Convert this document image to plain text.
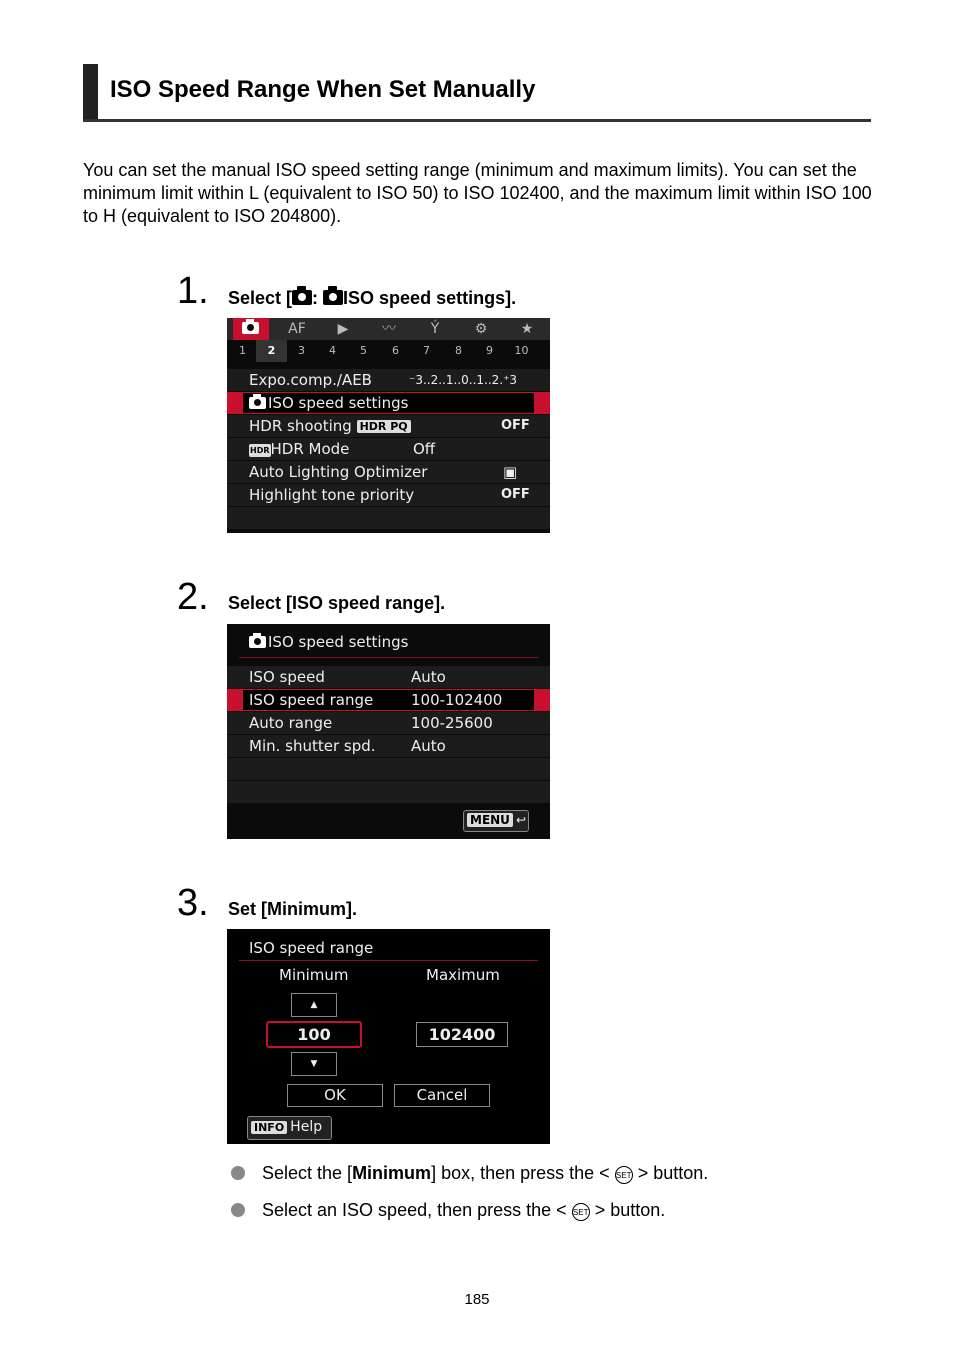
ISO Speed Range When Set Manually
You can set the manual ISO speed setting range (minimum and maximum limits). You can set the minimum limit within L (equivalent to ISO 50) to ISO 102400, and the maximum limit within ISO 100 to H (equivalent to ISO 204800).
1. Select [ : ISO speed settings].
AF	▶	〰	Ý	⚙	★
1	2	3	4	5	6	7	8	9	10
Expo.comp./AEB	⁻3..2..1..0..1..2.⁺3
ISO speed settings
HDR shooting HDR PQ	OFF
HDRHDR Mode	Off
Auto Lighting Optimizer	▣
Highlight tone priority	OFF
2. Select [ISO speed range].
ISO speed settings
ISO speed	Auto
ISO speed range	100-102400
Auto range	100-25600
Min. shutter spd. Auto
MENU ↩
3. Set [Minimum].
ISO speed range
Minimum	Maximum
▲
100	102400
▼
OK	Cancel
INFO Help
Select the [Minimum] box, then press the < SET > button.
Select an ISO speed, then press the < SET > button.
185
